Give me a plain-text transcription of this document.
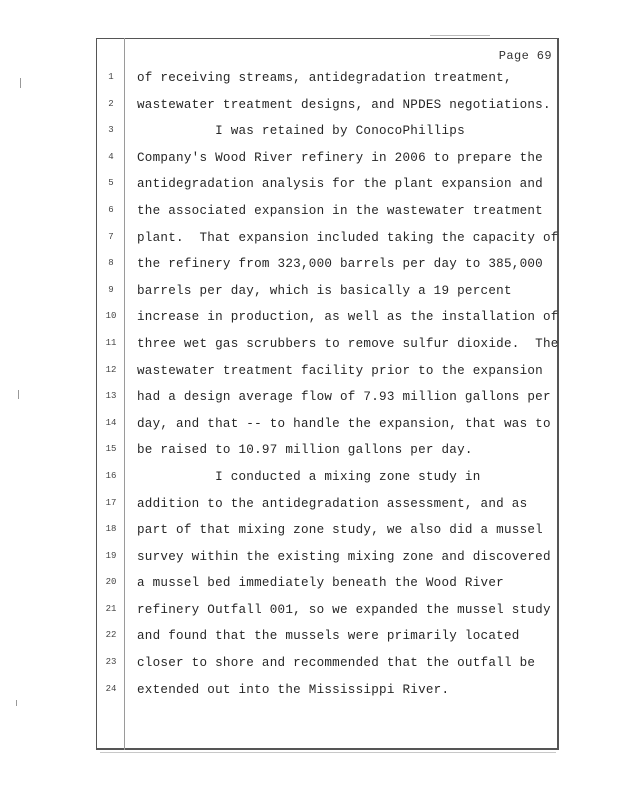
Page 69
1	of receiving streams, antidegradation treatment,
2	wastewater treatment designs, and NPDES negotiations.
3	I was retained by ConocoPhillips
4	Company's Wood River refinery in 2006 to prepare the
5	antidegradation analysis for the plant expansion and
6	the associated expansion in the wastewater treatment
7	plant.  That expansion included taking the capacity of
8	the refinery from 323,000 barrels per day to 385,000
9	barrels per day, which is basically a 19 percent
10 increase in production, as well as the installation of
11 three wet gas scrubbers to remove sulfur dioxide.  The
12 wastewater treatment facility prior to the expansion
13 had a design average flow of 7.93 million gallons per
14 day, and that -- to handle the expansion, that was to
15 be raised to 10.97 million gallons per day.
16 I conducted a mixing zone study in
17 addition to the antidegradation assessment, and as
18 part of that mixing zone study, we also did a mussel
19 survey within the existing mixing zone and discovered
20 a mussel bed immediately beneath the Wood River
21 refinery Outfall 001, so we expanded the mussel study
22 and found that the mussels were primarily located
23 closer to shore and recommended that the outfall be
24 extended out into the Mississippi River.
